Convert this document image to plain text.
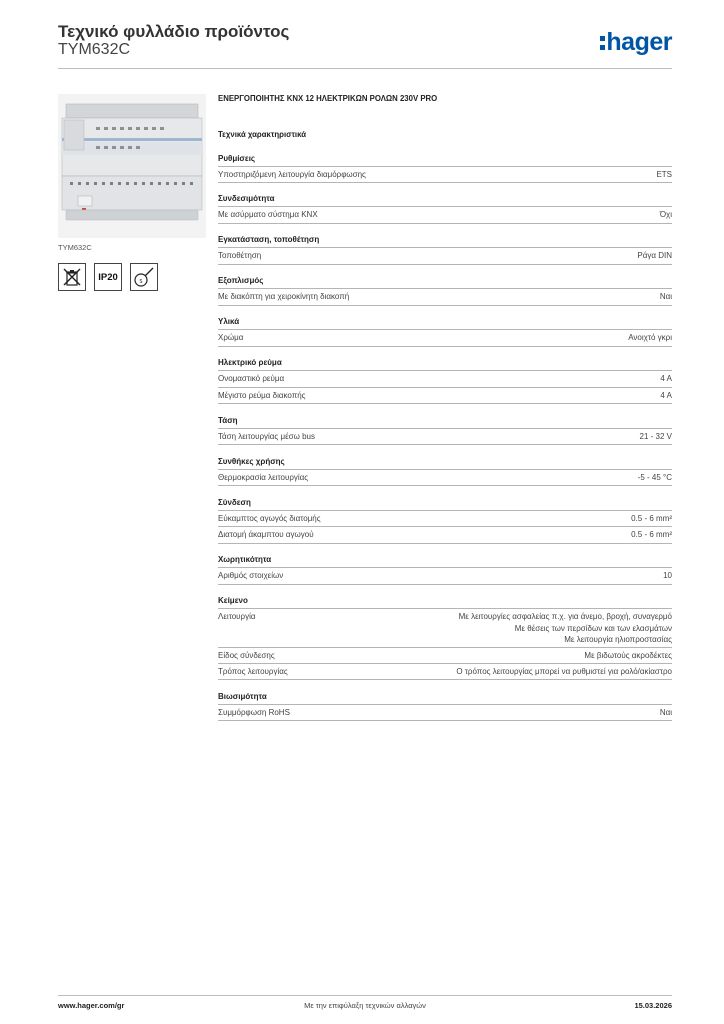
Τεχνικό φυλλάδιο προϊόντος
TYM632C	hager
TYM632C
IP20	S
ΕΝΕΡΓΟΠΟΙΗΤΗΣ KNX 12 ΗΛΕΚΤΡΙΚΩΝ ΡΟΛΩΝ 230V PRO
Τεχνικά χαρακτηριστικά
Ρυθμίσεις
Υποστηριζόμενη λειτουργία διαμόρφωσης	ETS
Συνδεσιμότητα
Με ασύρματο σύστημα KNX	Όχι
Εγκατάσταση, τοποθέτηση
Τοποθέτηση	Ράγα DIN
Εξοπλισμός
Με διακόπτη για χειροκίνητη διακοπή	Ναι
Υλικά
Χρώμα	Ανοιχτό γκρι
Ηλεκτρικό ρεύμα
Ονομαστικό ρεύμα	4 A
Μέγιστο ρεύμα διακοπής	4 A
Τάση
Τάση λειτουργίας μέσω bus	21 - 32 V
Συνθήκες χρήσης
Θερμοκρασία λειτουργίας	-5 - 45 °C
Σύνδεση
Εύκαμπτος αγωγός διατομής	0.5 - 6 mm²
Διατομή άκαμπτου αγωγού	0.5 - 6 mm²
Χωρητικότητα
Αριθμός στοιχείων	10
Κείμενο
Λειτουργία	Με λειτουργίες ασφαλείας π.χ. για άνεμο, βροχή, συναγερμό
Με θέσεις των περσίδων και των ελασμάτων
Με λειτουργία ηλιοπροστασίας
Είδος σύνδεσης	Με βιδωτούς ακροδέκτες
Τρόπος λειτουργίας	Ο τρόπος λειτουργίας μπορεί να ρυθμιστεί για ρολό/ακίαστρο
Βιωσιμότητα
Συμμόρφωση RoHS	Ναι
www.hager.com/gr	Με την επιφύλαξη τεχνικών αλλαγών	15.03.2026
